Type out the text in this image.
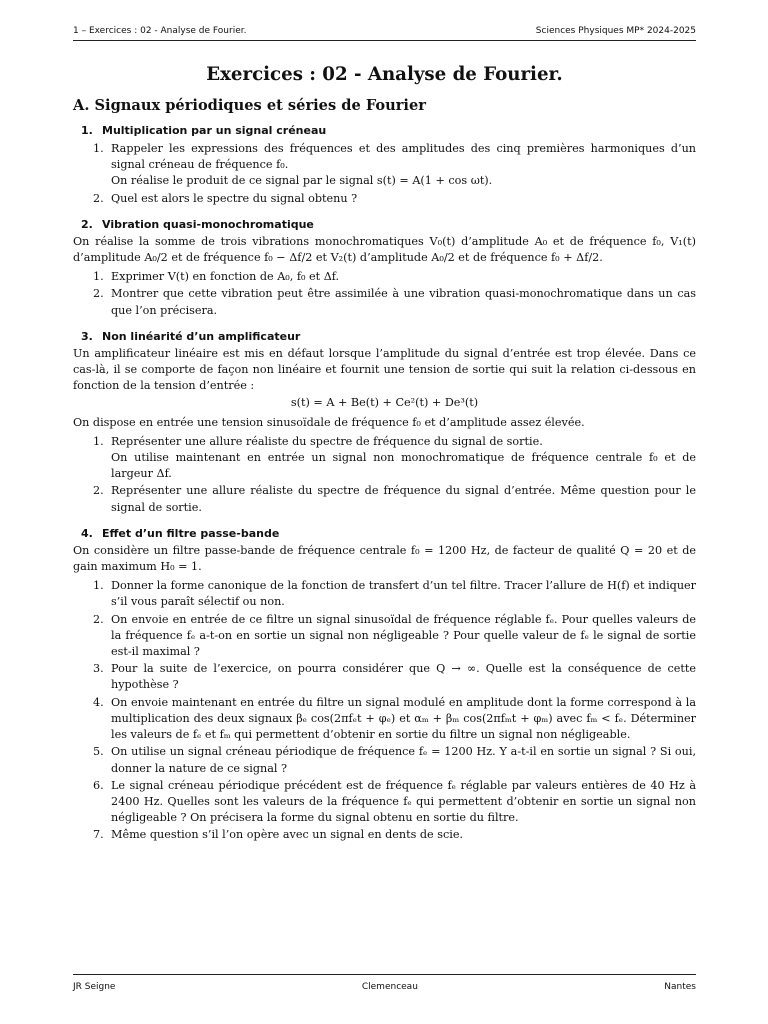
1 – Exercices : 02 - Analyse de Fourier.	Sciences Physiques MP* 2024-2025
Exercices : 02 - Analyse de Fourier.
A. Signaux périodiques et séries de Fourier
1. Multiplication par un signal créneau
1. Rappeler les expressions des fréquences et des amplitudes des cinq premières harmoniques d’un signal créneau de fréquence f₀.
On réalise le produit de ce signal par le signal s(t) = A(1 + cos ωt).
2. Quel est alors le spectre du signal obtenu ?
2. Vibration quasi-monochromatique

On réalise la somme de trois vibrations monochromatiques V₀(t) d’amplitude A₀ et de fréquence f₀, V₁(t) d’amplitude A₀/2 et de fréquence f₀ − Δf/2 et V₂(t) d’amplitude A₀/2 et de fréquence f₀ + Δf/2.

1. Exprimer V(t) en fonction de A₀, f₀ et Δf.
2. Montrer que cette vibration peut être assimilée à une vibration quasi-monochromatique dans un cas que l’on précisera.
3. Non linéarité d’un amplificateur

Un amplificateur linéaire est mis en défaut lorsque l’amplitude du signal d’entrée est trop élevée. Dans ce cas-là, il se comporte de façon non linéaire et fournit une tension de sortie qui suit la relation ci-dessous en fonction de la tension d’entrée :

s(t) = A + Be(t) + Ce²(t) + De³(t)

On dispose en entrée une tension sinusoïdale de fréquence f₀ et d’amplitude assez élevée.

1. Représenter une allure réaliste du spectre de fréquence du signal de sortie.
On utilise maintenant en entrée un signal non monochromatique de fréquence centrale f₀ et de largeur Δf.
2. Représenter une allure réaliste du spectre de fréquence du signal d’entrée. Même question pour le signal de sortie.
4. Effet d’un filtre passe-bande

On considère un filtre passe-bande de fréquence centrale f₀ = 1200 Hz, de facteur de qualité Q = 20 et de gain maximum H₀ = 1.

1. Donner la forme canonique de la fonction de transfert d’un tel filtre. Tracer l’allure de H(f) et indiquer s’il vous paraît sélectif ou non.
2. On envoie en entrée de ce filtre un signal sinusoïdal de fréquence réglable fₑ. Pour quelles valeurs de la fréquence fₑ a-t-on en sortie un signal non négligeable ? Pour quelle valeur de fₑ le signal de sortie est-il maximal ?
3. Pour la suite de l’exercice, on pourra considérer que Q → ∞. Quelle est la conséquence de cette hypothèse ?
4. On envoie maintenant en entrée du filtre un signal modulé en amplitude dont la forme correspond à la multiplication des deux signaux βₑ cos(2πfₑt + φₑ) et αₘ + βₘ cos(2πfₘt + φₘ) avec fₘ < fₑ. Déterminer les valeurs de fₑ et fₘ qui permettent d’obtenir en sortie du filtre un signal non négligeable.
5. On utilise un signal créneau périodique de fréquence fₑ = 1200 Hz. Y a-t-il en sortie un signal ? Si oui, donner la nature de ce signal ?
6. Le signal créneau périodique précédent est de fréquence fₑ réglable par valeurs entières de 40 Hz à 2400 Hz. Quelles sont les valeurs de la fréquence fₑ qui permettent d’obtenir en sortie un signal non négligeable ? On précisera la forme du signal obtenu en sortie du filtre.
7. Même question s’il l’on opère avec un signal en dents de scie.
JR Seigne	Clemenceau	Nantes
